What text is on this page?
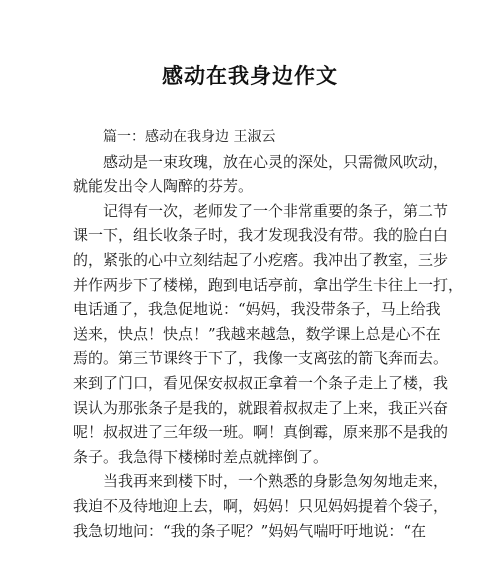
感动在我身边作文
篇一：感动在我身边 王淑云
感动是一束玫瑰，放在心灵的深处，只需微风吹动，
就能发出令人陶醉的芬芳。
记得有一次，老师发了一个非常重要的条子，第二节
课一下，组长收条子时，我才发现我没有带。我的脸白白
的，紧张的心中立刻结起了小疙瘩。我冲出了教室，三步
并作两步下了楼梯，跑到电话亭前，拿出学生卡往上一打，
电话通了，我急促地说：“妈妈，我没带条子，马上给我
送来，快点！快点！”我越来越急，数学课上总是心不在
焉的。第三节课终于下了，我像一支离弦的箭飞奔而去。
来到了门口，看见保安叔叔正拿着一个条子走上了楼，我
误认为那张条子是我的，就跟着叔叔走了上来，我正兴奋
呢！叔叔进了三年级一班。啊！真倒霉，原来那不是我的
条子。我急得下楼梯时差点就摔倒了。
当我再来到楼下时，一个熟悉的身影急匆匆地走来，
我迫不及待地迎上去，啊，妈妈！只见妈妈提着个袋子，
我急切地问：“我的条子呢？”妈妈气喘吁吁地说：“在
